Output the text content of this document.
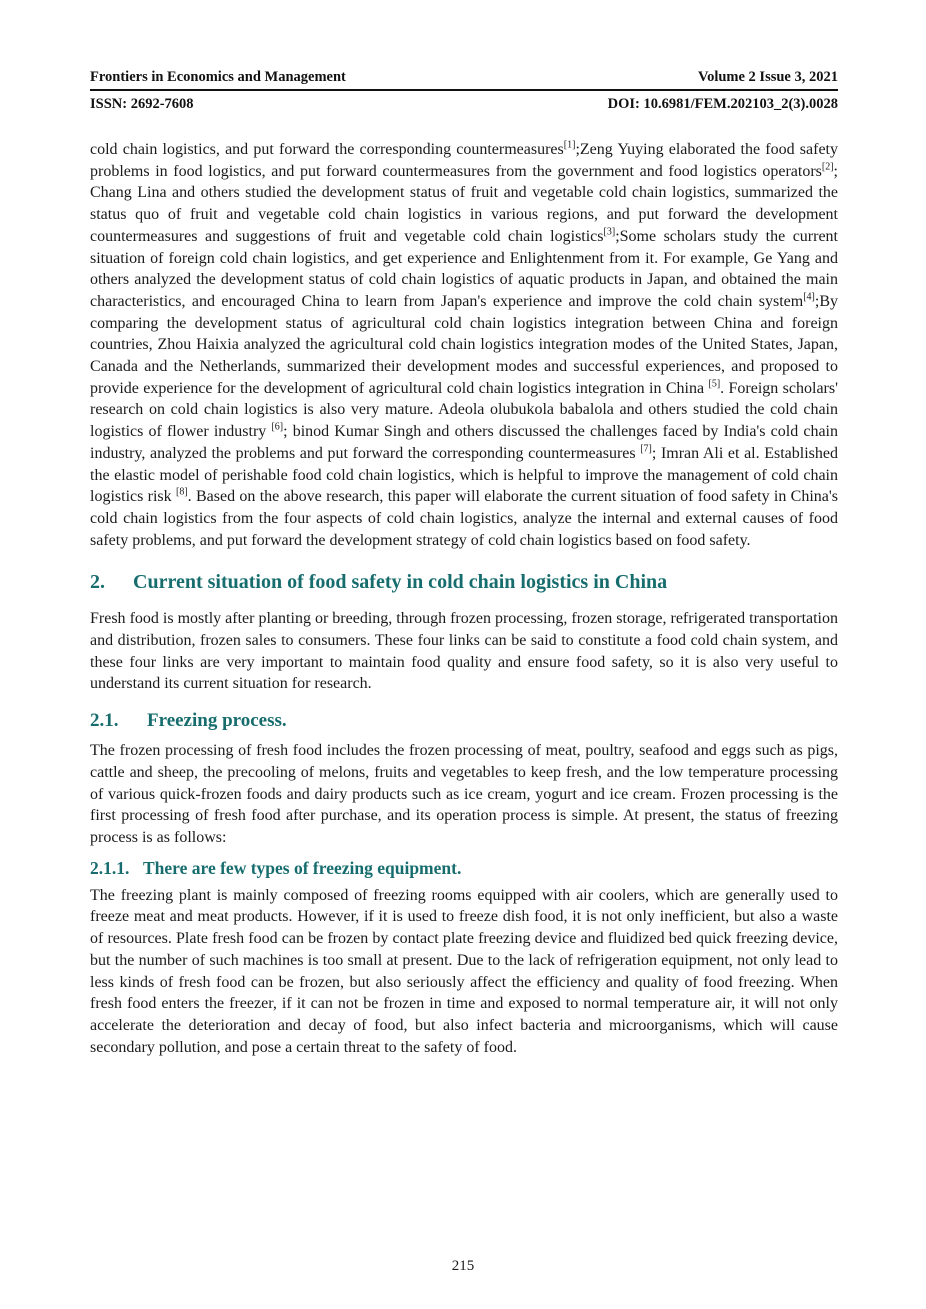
Frontiers in Economics and Management	Volume 2 Issue 3, 2021
ISSN: 2692-7608	DOI: 10.6981/FEM.202103_2(3).0028

cold chain logistics, and put forward the corresponding countermeasures[1];Zeng Yuying elaborated the food safety problems in food logistics, and put forward countermeasures from the government and food logistics operators[2]; Chang Lina and others studied the development status of fruit and vegetable cold chain logistics, summarized the status quo of fruit and vegetable cold chain logistics in various regions, and put forward the development countermeasures and suggestions of fruit and vegetable cold chain logistics[3];Some scholars study the current situation of foreign cold chain logistics, and get experience and Enlightenment from it. For example, Ge Yang and others analyzed the development status of cold chain logistics of aquatic products in Japan, and obtained the main characteristics, and encouraged China to learn from Japan's experience and improve the cold chain system[4];By comparing the development status of agricultural cold chain logistics integration between China and foreign countries, Zhou Haixia analyzed the agricultural cold chain logistics integration modes of the United States, Japan, Canada and the Netherlands, summarized their development modes and successful experiences, and proposed to provide experience for the development of agricultural cold chain logistics integration in China [5]. Foreign scholars' research on cold chain logistics is also very mature. Adeola olubukola babalola and others studied the cold chain logistics of flower industry [6]; binod Kumar Singh and others discussed the challenges faced by India's cold chain industry, analyzed the problems and put forward the corresponding countermeasures [7]; Imran Ali et al. Established the elastic model of perishable food cold chain logistics, which is helpful to improve the management of cold chain logistics risk [8]. Based on the above research, this paper will elaborate the current situation of food safety in China's cold chain logistics from the four aspects of cold chain logistics, analyze the internal and external causes of food safety problems, and put forward the development strategy of cold chain logistics based on food safety.

2. Current situation of food safety in cold chain logistics in China

Fresh food is mostly after planting or breeding, through frozen processing, frozen storage, refrigerated transportation and distribution, frozen sales to consumers. These four links can be said to constitute a food cold chain system, and these four links are very important to maintain food quality and ensure food safety, so it is also very useful to understand its current situation for research.

2.1. Freezing process.

The frozen processing of fresh food includes the frozen processing of meat, poultry, seafood and eggs such as pigs, cattle and sheep, the precooling of melons, fruits and vegetables to keep fresh, and the low temperature processing of various quick-frozen foods and dairy products such as ice cream, yogurt and ice cream. Frozen processing is the first processing of fresh food after purchase, and its operation process is simple. At present, the status of freezing process is as follows:

2.1.1. There are few types of freezing equipment.

The freezing plant is mainly composed of freezing rooms equipped with air coolers, which are generally used to freeze meat and meat products. However, if it is used to freeze dish food, it is not only inefficient, but also a waste of resources. Plate fresh food can be frozen by contact plate freezing device and fluidized bed quick freezing device, but the number of such machines is too small at present. Due to the lack of refrigeration equipment, not only lead to less kinds of fresh food can be frozen, but also seriously affect the efficiency and quality of food freezing. When fresh food enters the freezer, if it can not be frozen in time and exposed to normal temperature air, it will not only accelerate the deterioration and decay of food, but also infect bacteria and microorganisms, which will cause secondary pollution, and pose a certain threat to the safety of food.

215
